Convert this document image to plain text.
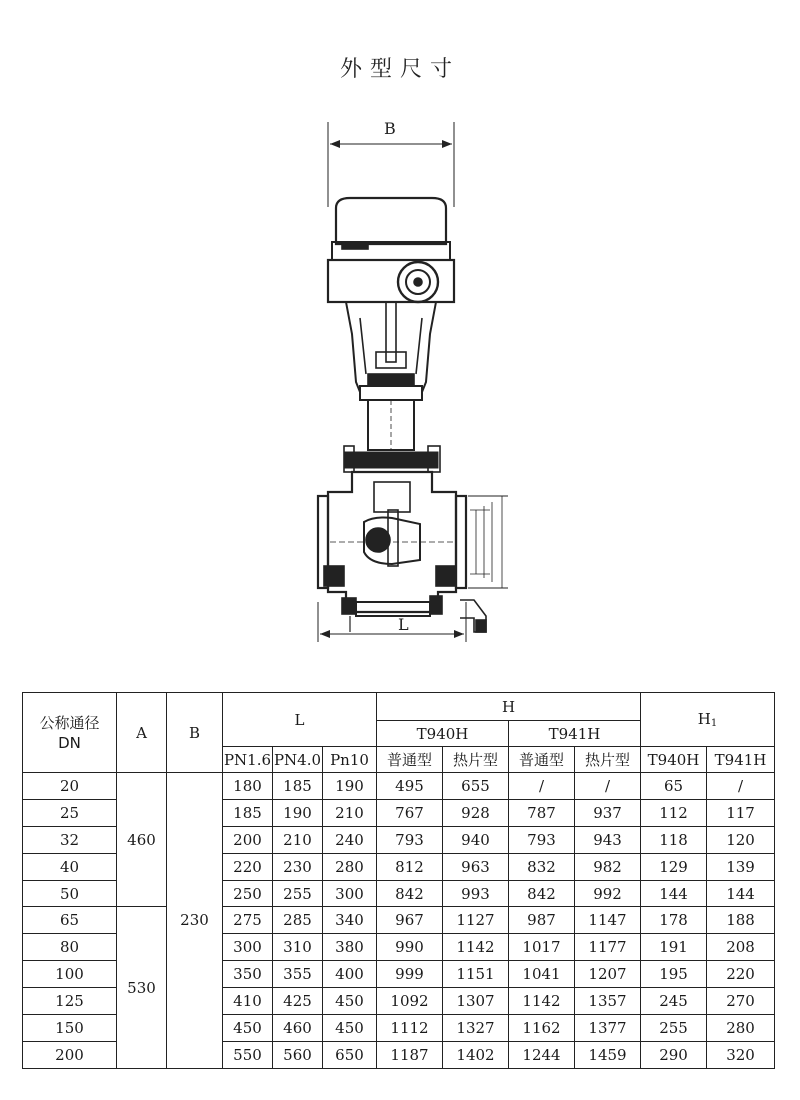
外型尺寸
B
L
公称通径
DN	A	B	L			H				$H_1$
						T940H		T941H			
			PN1.6	PN4.0	Pn10	普通型	热片型	普通型	热片型	T940H	T941H
20	460	230	180	185	190	495	655	/	/	65	/
25			185	190	210	767	928	787	937	112	117
32			200	210	240	793	940	793	943	118	120
40			220	230	280	812	963	832	982	129	139
50			250	255	300	842	993	842	992	144	144
65	530		275	285	340	967	1127	987	1147	178	188
80			300	310	380	990	1142	1017	1177	191	208
100			350	355	400	999	1151	1041	1207	195	220
125			410	425	450	1092	1307	1142	1357	245	270
150			450	460	450	1112	1327	1162	1377	255	280
200			550	560	650	1187	1402	1244	1459	290	320
